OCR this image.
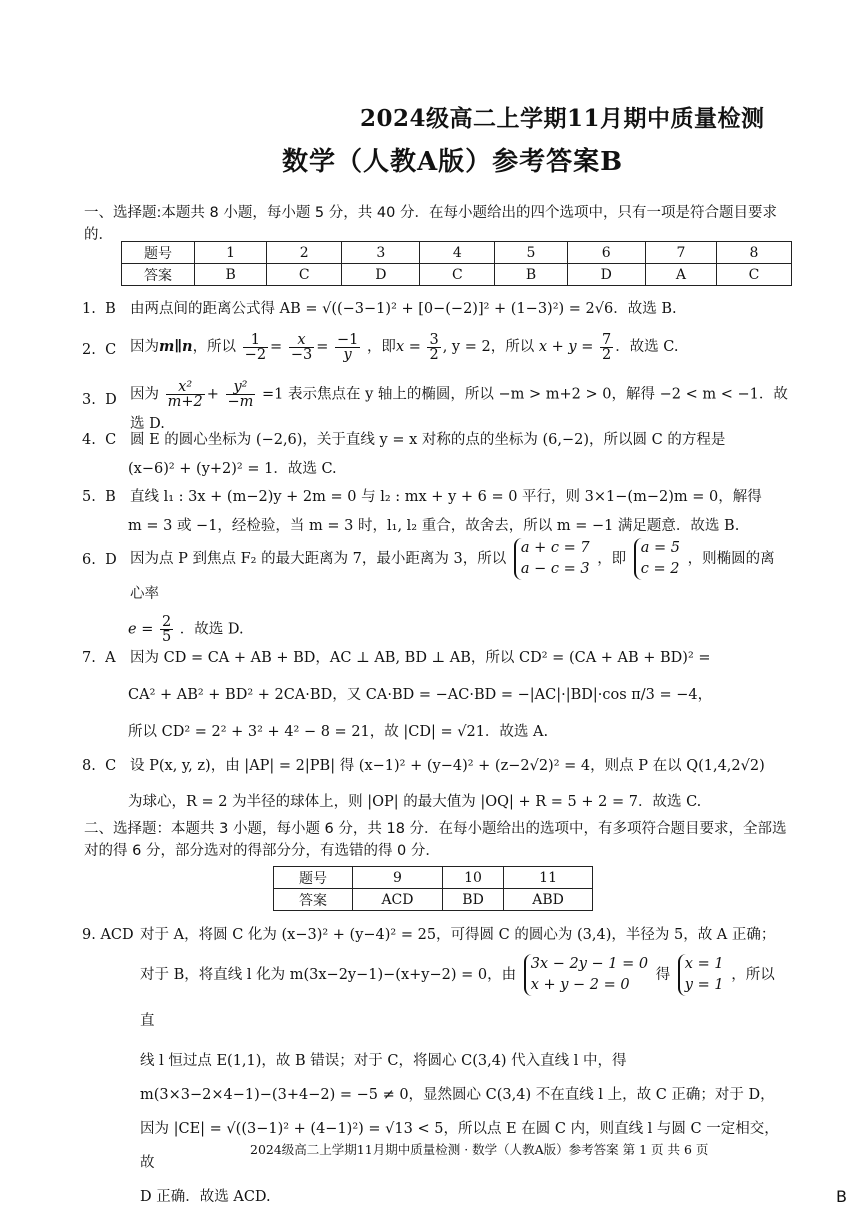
2024级高二上学期11月期中质量检测
数学（人教A版）参考答案B
一、选择题:本题共 8 小题，每小题 5 分，共 40 分．在每小题给出的四个选项中，只有一项是符合题目要求的．
题号	1	2	3	4	5	6	7	8
答案	B	C	D	C	B	D	A	C
1. B 由两点间的距离公式得 AB = √((−3−1)² + [0−(−2)]² + (1−3)²) = 2√6．故选 B.
2. C 因为m∥n，所以 $\frac{1}{-2} = \frac{x}{-3} = \frac{-1}{y}$ ，即$x = \frac{3}{2}$ , y = 2，所以 $x + y = \frac{7}{2}$ ．故选 C.
3. D 因为 $\frac{\text{x²}}{m+2} + \frac{\text{y²}}{-m} =1$ 表示焦点在 y 轴上的椭圆，所以 −m > m+2 > 0，解得 −2 < m < −1．故选 D.
4. C 圆 E 的圆心坐标为 (−2,6)，关于直线 y = x 对称的点的坐标为 (6,−2)，所以圆 C 的方程是
(x−6)² + (y+2)² = 1．故选 C.
5. B 直线 l₁ : 3x + (m−2)y + 2m = 0 与 l₂ : mx + y + 6 = 0 平行，则 3×1−(m−2)m = 0，解得
m = 3 或 −1，经检验，当 m = 3 时，l₁, l₂ 重合，故舍去，所以 m = −1 满足题意．故选 B.
6. D 因为点 P 到焦点 F₂ 的最大距离为 7，最小距离为 3，所以
a + c = 7
a − c = 3
，即
a = 5
c = 2
，则椭圆的离心率
$e = \frac{2}{5}$ ．故选 D.
7. A 因为 CD = CA + AB + BD，AC ⊥ AB, BD ⊥ AB，所以 CD² = (CA + AB + BD)² =
CA² + AB² + BD² + 2CA·BD，又 CA·BD = −AC·BD = −|AC|·|BD|·cos π/3 = −4，
所以 CD² = 2² + 3² + 4² − 8 = 21，故 |CD| = √21．故选 A.
8. C 设 P(x, y, z)，由 |AP| = 2|PB| 得 (x−1)² + (y−4)² + (z−2√2)² = 4，则点 P 在以 Q(1,4,2√2)
为球心，R = 2 为半径的球体上，则 |OP| 的最大值为 |OQ| + R = 5 + 2 = 7．故选 C.
二、选择题：本题共 3 小题，每小题 6 分，共 18 分．在每小题给出的选项中，有多项符合题目要求，全部选对的得 6 分，部分选对的得部分分，有选错的得 0 分．
题号	9	10	11
答案	ACD	BD	ABD
9. ACD 对于 A，将圆 C 化为 (x−3)² + (y−4)² = 25，可得圆 C 的圆心为 (3,4)，半径为 5，故 A 正确；
对于 B，将直线 l 化为 m(3x−2y−1)−(x+y−2) = 0，由
3x − 2y − 1 = 0
x + y − 2 = 0
得
x = 1
y = 1
，所以直
线 l 恒过点 E(1,1)，故 B 错误；对于 C，将圆心 C(3,4) 代入直线 l 中，得
m(3×3−2×4−1)−(3+4−2) = −5 ≠ 0，显然圆心 C(3,4) 不在直线 l 上，故 C 正确；对于 D，
因为 |CE| = √((3−1)² + (4−1)²) = √13 < 5，所以点 E 在圆 C 内，则直线 l 与圆 C 一定相交，故
D 正确．故选 ACD.
2024级高二上学期11月期中质量检测 · 数学（人教A版）参考答案 第 1 页 共 6 页
B
